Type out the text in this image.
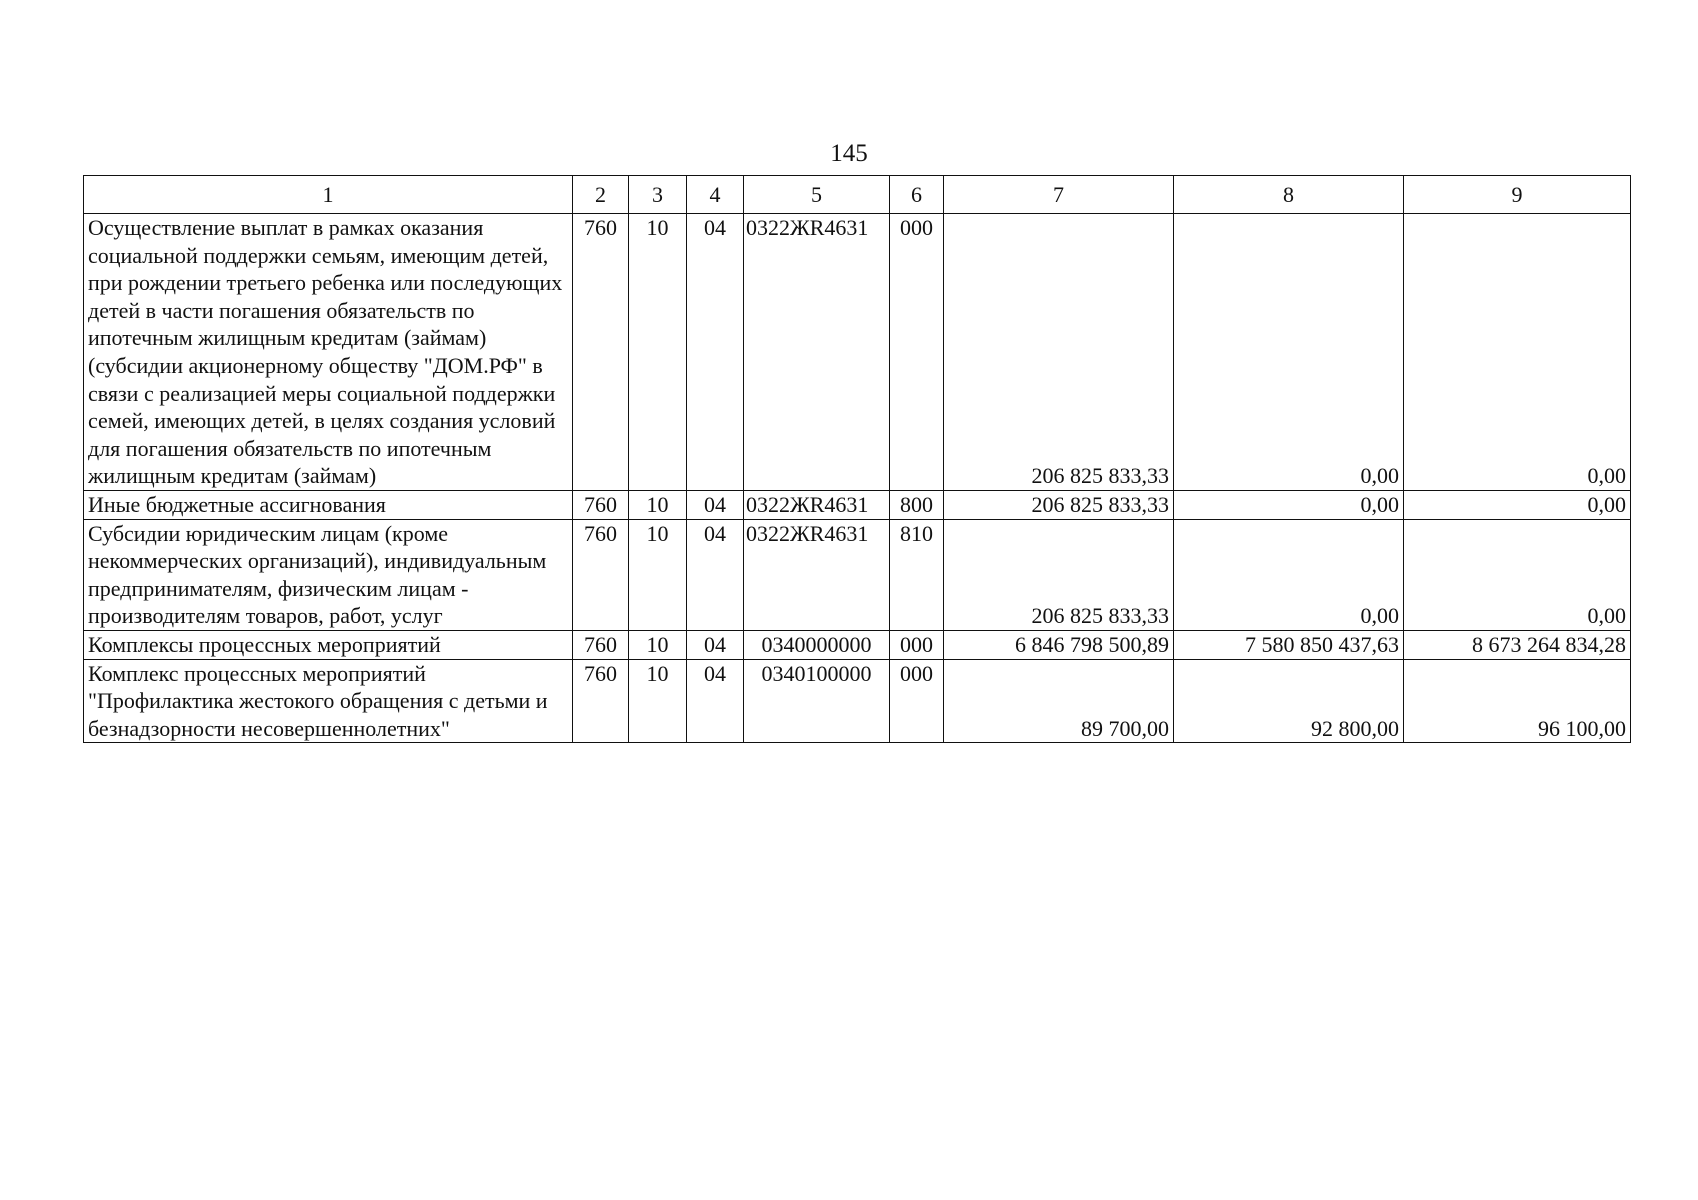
145
1	2	3	4	5	6	7	8	9
Осуществление выплат в рамках оказания социальной поддержки семьям, имеющим детей, при рождении третьего ребенка или последующих детей в части погашения обязательств по ипотечным жилищным кредитам (займам) (субсидии акционерному обществу "ДОМ.РФ" в связи с реализацией меры социальной поддержки семей, имеющих детей, в целях создания условий для погашения обязательств по ипотечным жилищным кредитам (займам)	760	10	04	0322ЖR4631	000	206 825 833,33	0,00	0,00
Иные бюджетные ассигнования	760	10	04	0322ЖR4631	800	206 825 833,33	0,00	0,00
Субсидии юридическим лицам (кроме некоммерческих организаций), индивидуальным предпринимателям, физическим лицам - производителям товаров, работ, услуг	760	10	04	0322ЖR4631	810	206 825 833,33	0,00	0,00
Комплексы процессных мероприятий	760	10	04	0340000000	000	6 846 798 500,89	7 580 850 437,63	8 673 264 834,28
Комплекс процессных мероприятий "Профилактика жестокого обращения с детьми и безнадзорности несовершеннолетних"	760	10	04	0340100000	000	89 700,00	92 800,00	96 100,00
